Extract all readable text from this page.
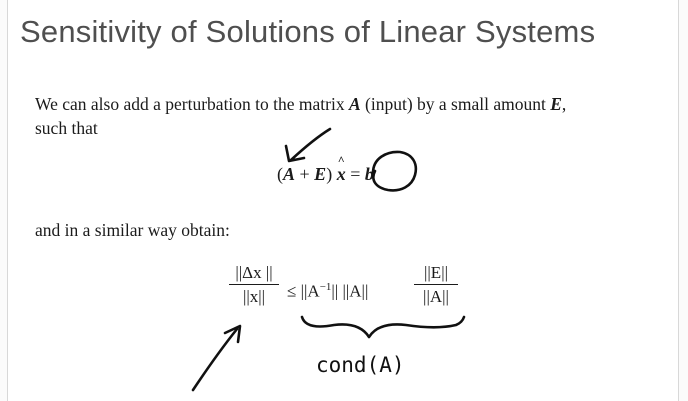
Sensitivity of Solutions of Linear Systems
We can also add a perturbation to the matrix A (input) by a small amount E, such that
(A + E) ^ x = b
and in a similar way obtain:
$\frac{||\Delta x ||}{||x||} \le ||A^{-1}||$ ||A||	$\frac{||E||}{||A||}$
cond(A)
